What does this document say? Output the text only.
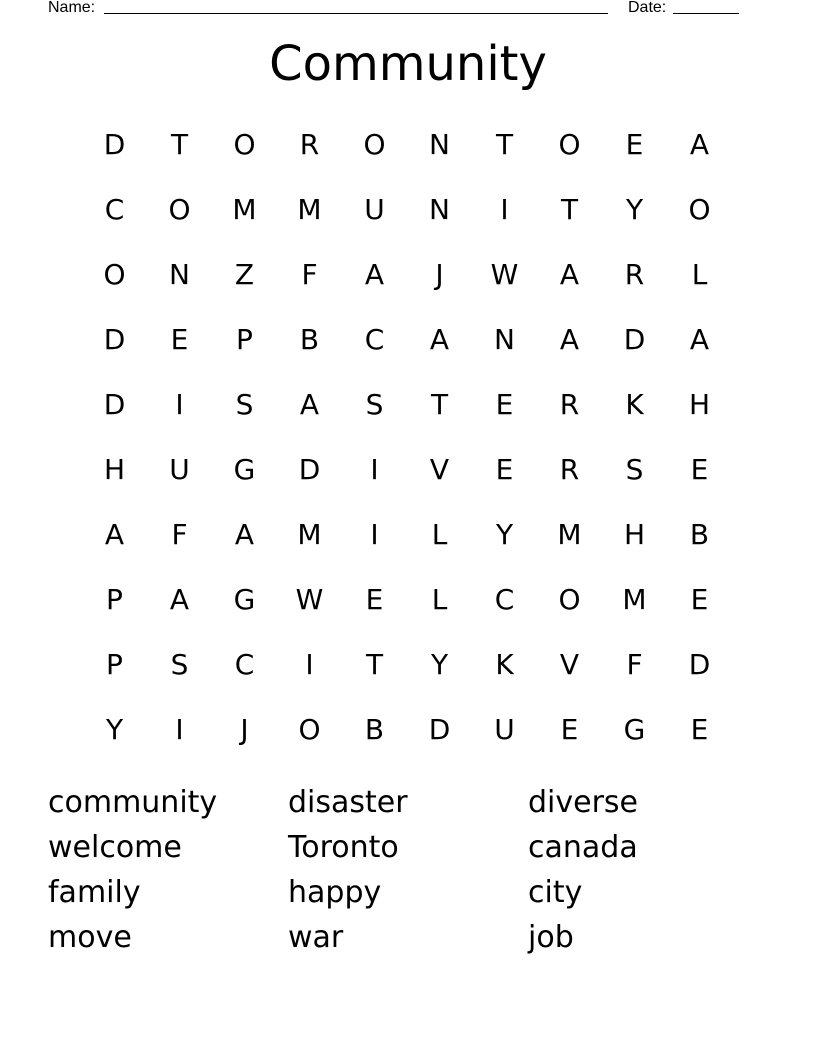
Name:	Date:
Community
D	T	O	R	O	N	T	O	E	A
C	O	M	M	U	N	I	T	Y	O
O	N	Z	F	A	J	W	A	R	L
D	E	P	B	C	A	N	A	D	A
D	I	S	A	S	T	E	R	K	H
H	U	G	D	I	V	E	R	S	E
A	F	A	M	I	L	Y	M	H	B
P	A	G	W	E	L	C	O	M	E
P	S	C	I	T	Y	K	V	F	D
Y	I	J	O	B	D	U	E	G	E
community	disaster	diverse
welcome	Toronto	canada
family	happy	city
move	war	job
